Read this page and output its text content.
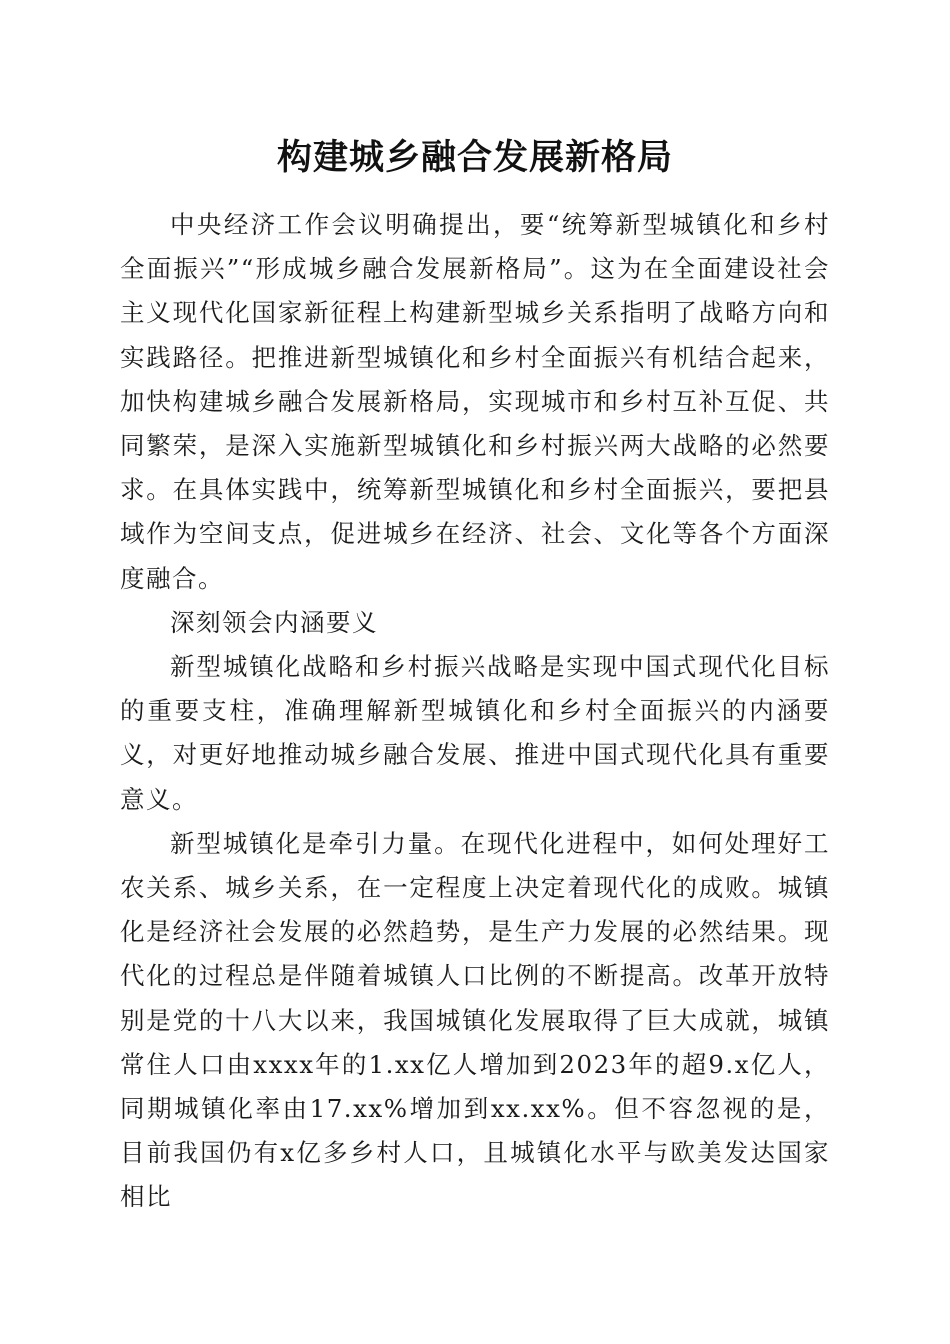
构建城乡融合发展新格局

中央经济工作会议明确提出，要“统筹新型城镇化和乡村全面振兴”“形成城乡融合发展新格局”。这为在全面建设社会主义现代化国家新征程上构建新型城乡关系指明了战略方向和实践路径。把推进新型城镇化和乡村全面振兴有机结合起来，加快构建城乡融合发展新格局，实现城市和乡村互补互促、共同繁荣，是深入实施新型城镇化和乡村振兴两大战略的必然要求。在具体实践中，统筹新型城镇化和乡村全面振兴，要把县域作为空间支点，促进城乡在经济、社会、文化等各个方面深度融合。

深刻领会内涵要义

新型城镇化战略和乡村振兴战略是实现中国式现代化目标的重要支柱，准确理解新型城镇化和乡村全面振兴的内涵要义，对更好地推动城乡融合发展、推进中国式现代化具有重要意义。

新型城镇化是牵引力量。在现代化进程中，如何处理好工农关系、城乡关系，在一定程度上决定着现代化的成败。城镇化是经济社会发展的必然趋势，是生产力发展的必然结果。现代化的过程总是伴随着城镇人口比例的不断提高。改革开放特别是党的十八大以来，我国城镇化发展取得了巨大成就，城镇常住人口由xxxx年的1.xx亿人增加到2023年的超9.x亿人，同期城镇化率由17.xx%增加到xx.xx%。但不容忽视的是，目前我国仍有x亿多乡村人口，且城镇化水平与欧美发达国家相比
